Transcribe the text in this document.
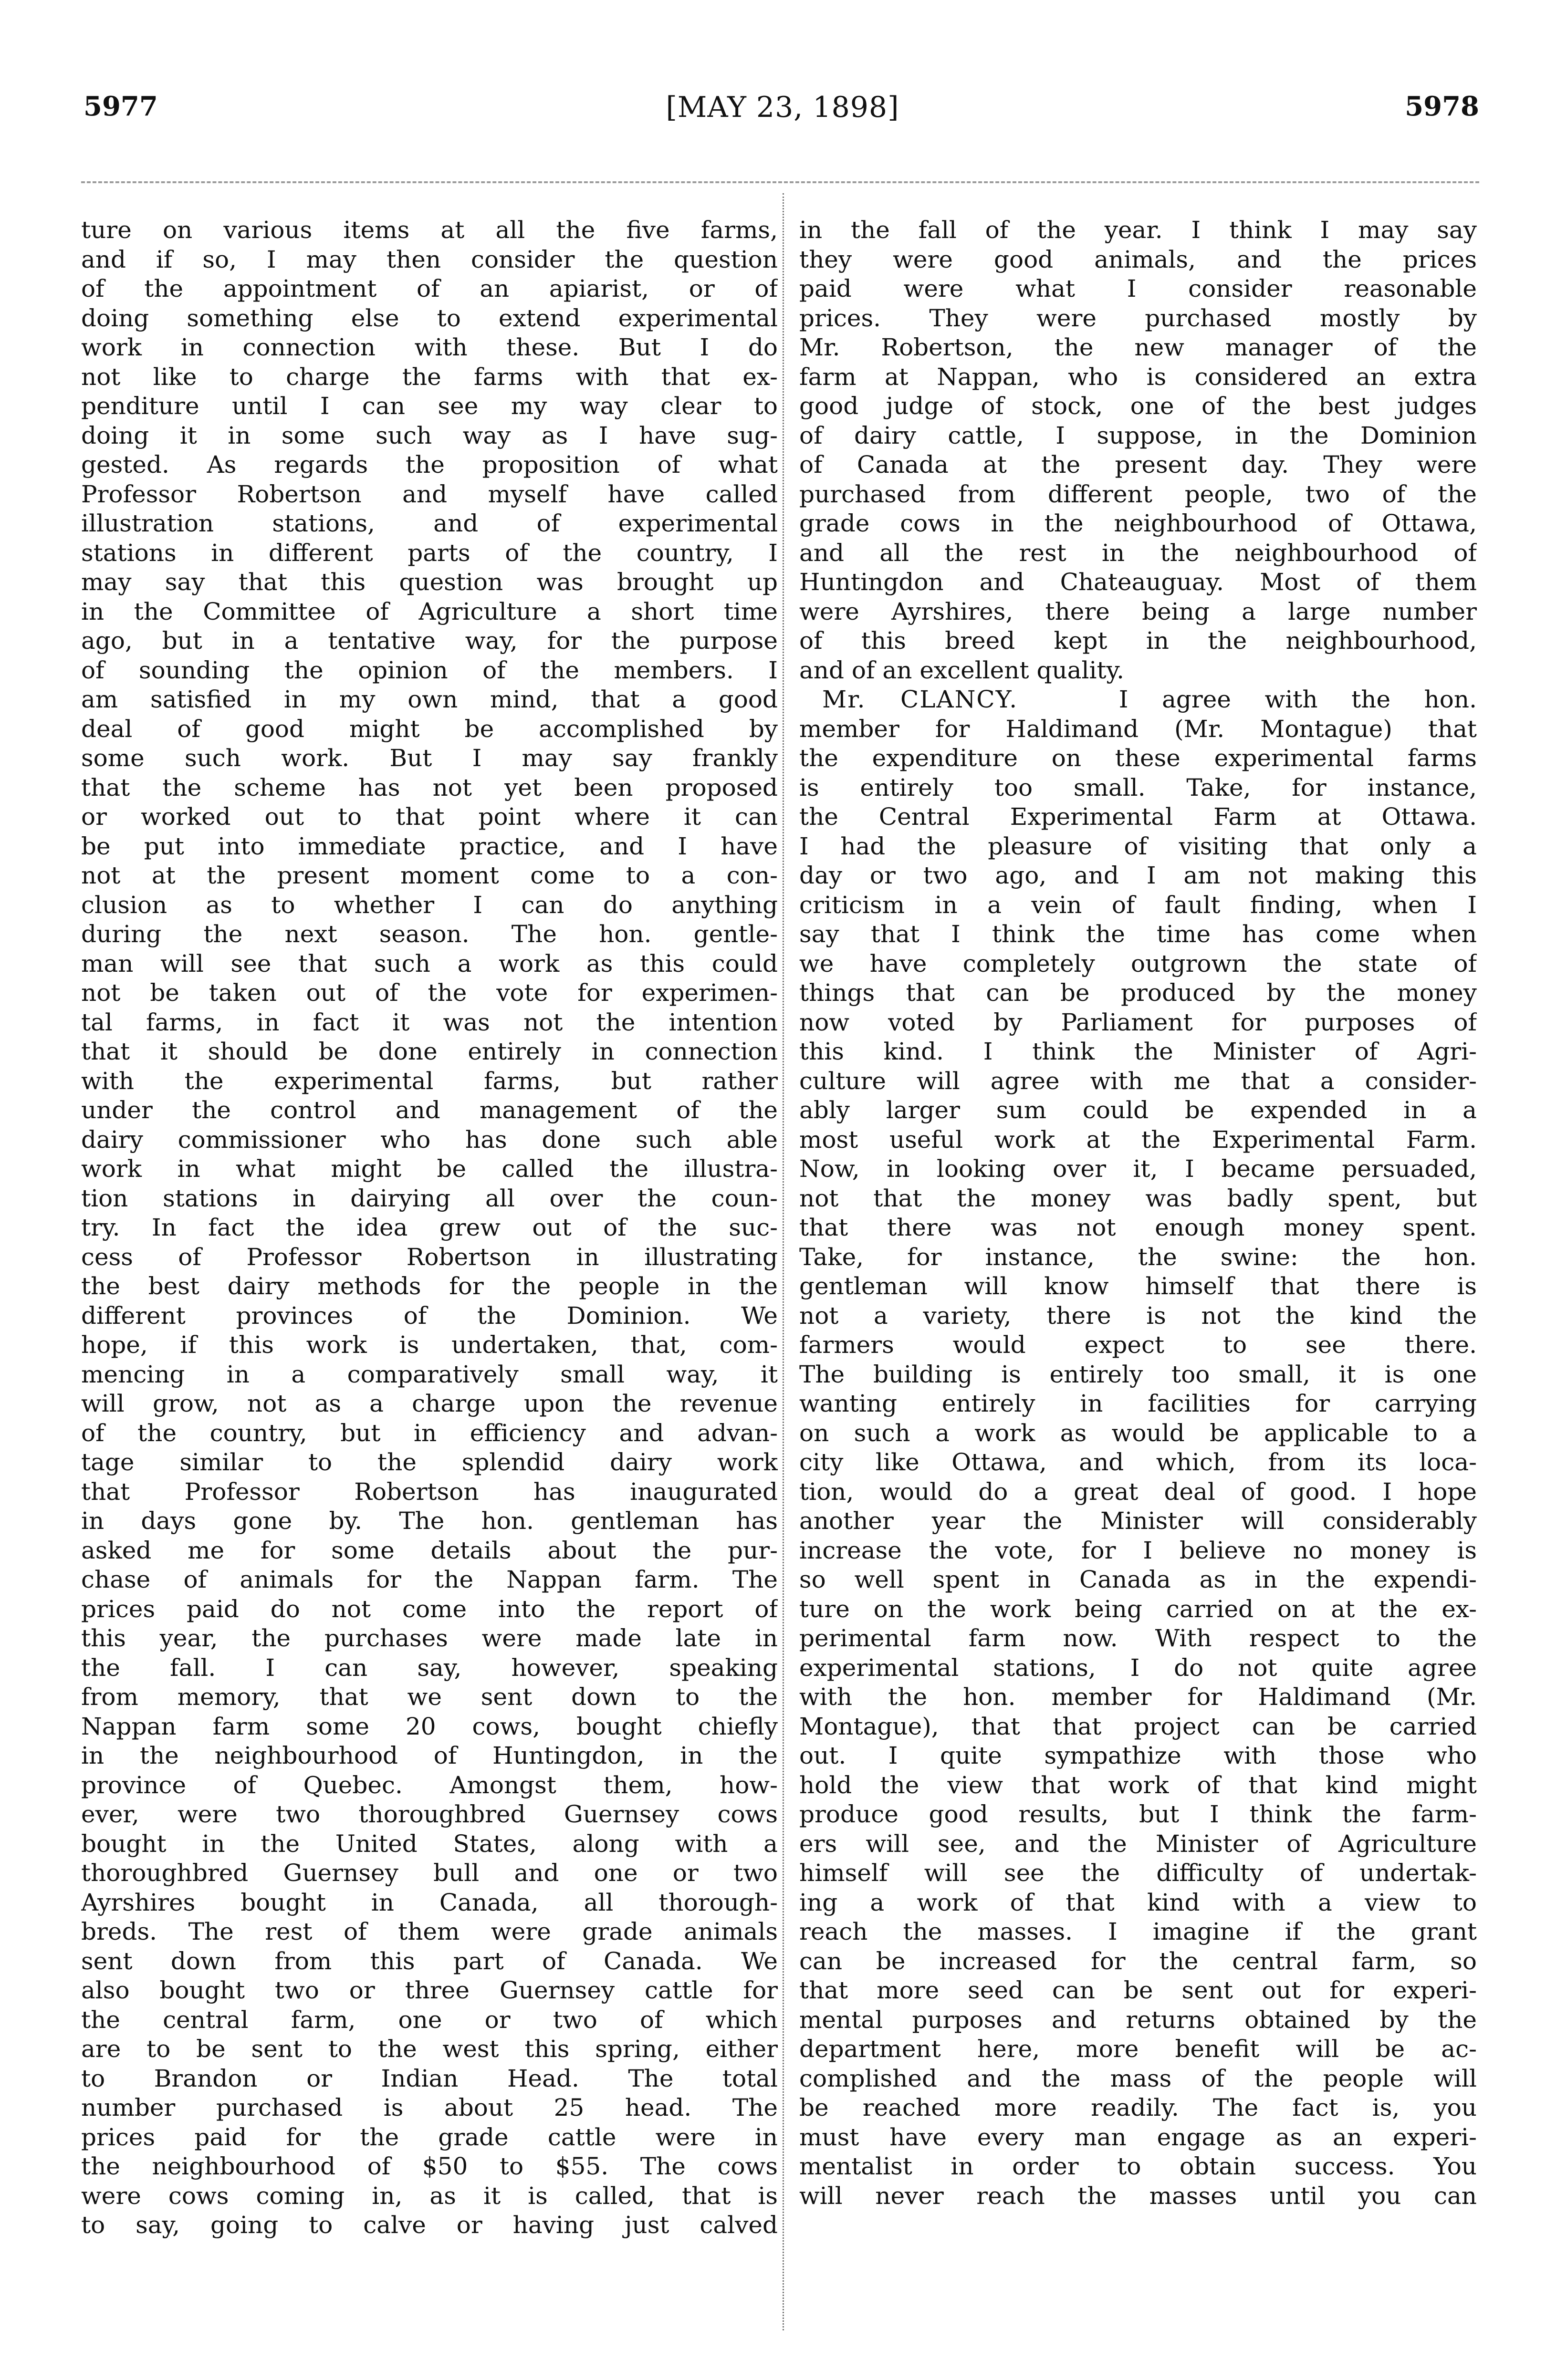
5977	[MAY 23, 1898]	5978
ture on various items at all the five farms,
and if so, I may then consider the question
of the appointment of an apiarist, or of
doing something else to extend experimental
work in connection with these. But I do
not like to charge the farms with that ex-
penditure until I can see my way clear to
doing it in some such way as I have sug-
gested. As regards the proposition of what
Professor Robertson and myself have called
illustration stations, and of experimental
stations in different parts of the country, I
may say that this question was brought up
in the Committee of Agriculture a short time
ago, but in a tentative way, for the purpose
of sounding the opinion of the members. I
am satisfied in my own mind, that a good
deal of good might be accomplished by
some such work. But I may say frankly
that the scheme has not yet been proposed
or worked out to that point where it can
be put into immediate practice, and I have
not at the present moment come to a con-
clusion as to whether I can do anything
during the next season. The hon. gentle-
man will see that such a work as this could
not be taken out of the vote for experimen-
tal farms, in fact it was not the intention
that it should be done entirely in connection
with the experimental farms, but rather
under the control and management of the
dairy commissioner who has done such able
work in what might be called the illustra-
tion stations in dairying all over the coun-
try. In fact the idea grew out of the suc-
cess of Professor Robertson in illustrating
the best dairy methods for the people in the
different provinces of the Dominion. We
hope, if this work is undertaken, that, com-
mencing in a comparatively small way, it
will grow, not as a charge upon the revenue
of the country, but in efficiency and advan-
tage similar to the splendid dairy work
that Professor Robertson has inaugurated
in days gone by. The hon. gentleman has
asked me for some details about the pur-
chase of animals for the Nappan farm. The
prices paid do not come into the report of
this year, the purchases were made late in
the fall. I can say, however, speaking
from memory, that we sent down to the
Nappan farm some 20 cows, bought chiefly
in the neighbourhood of Huntingdon, in the
province of Quebec. Amongst them, how-
ever, were two thoroughbred Guernsey cows
bought in the United States, along with a
thoroughbred Guernsey bull and one or two
Ayrshires bought in Canada, all thorough-
breds. The rest of them were grade animals
sent down from this part of Canada. We
also bought two or three Guernsey cattle for
the central farm, one or two of which
are to be sent to the west this spring, either
to Brandon or Indian Head. The total
number purchased is about 25 head. The
prices paid for the grade cattle were in
the neighbourhood of $50 to $55. The cows
were cows coming in, as it is called, that is
to say, going to calve or having just calved
in the fall of the year. I think I may say
they were good animals, and the prices
paid were what I consider reasonable
prices. They were purchased mostly by
Mr. Robertson, the new manager of the
farm at Nappan, who is considered an extra
good judge of stock, one of the best judges
of dairy cattle, I suppose, in the Dominion
of Canada at the present day. They were
purchased from different people, two of the
grade cows in the neighbourhood of Ottawa,
and all the rest in the neighbourhood of
Huntingdon and Chateauguay. Most of them
were Ayrshires, there being a large number
of this breed kept in the neighbourhood,
and of an excellent quality.
Mr. CLANCY.	I agree with the hon.
member for Haldimand (Mr. Montague) that
the expenditure on these experimental farms
is entirely too small. Take, for instance,
the Central Experimental Farm at Ottawa.
I had the pleasure of visiting that only a
day or two ago, and I am not making this
criticism in a vein of fault finding, when I
say that I think the time has come when
we have completely outgrown the state of
things that can be produced by the money
now voted by Parliament for purposes of
this kind. I think the Minister of Agri-
culture will agree with me that a consider-
ably larger sum could be expended in a
most useful work at the Experimental Farm.
Now, in looking over it, I became persuaded,
not that the money was badly spent, but
that there was not enough money spent.
Take, for instance, the swine: the hon.
gentleman will know himself that there is
not a variety, there is not the kind the
farmers would expect to see there.
The building is entirely too small, it is one
wanting entirely in facilities for carrying
on such a work as would be applicable to a
city like Ottawa, and which, from its loca-
tion, would do a great deal of good. I hope
another year the Minister will considerably
increase the vote, for I believe no money is
so well spent in Canada as in the expendi-
ture on the work being carried on at the ex-
perimental farm now. With respect to the
experimental stations, I do not quite agree
with the hon. member for Haldimand (Mr.
Montague), that that project can be carried
out. I quite sympathize with those who
hold the view that work of that kind might
produce good results, but I think the farm-
ers will see, and the Minister of Agriculture
himself will see the difficulty of undertak-
ing a work of that kind with a view to
reach the masses. I imagine if the grant
can be increased for the central farm, so
that more seed can be sent out for experi-
mental purposes and returns obtained by the
department here, more benefit will be ac-
complished and the mass of the people will
be reached more readily. The fact is, you
must have every man engage as an experi-
mentalist in order to obtain success. You
will never reach the masses until you can
